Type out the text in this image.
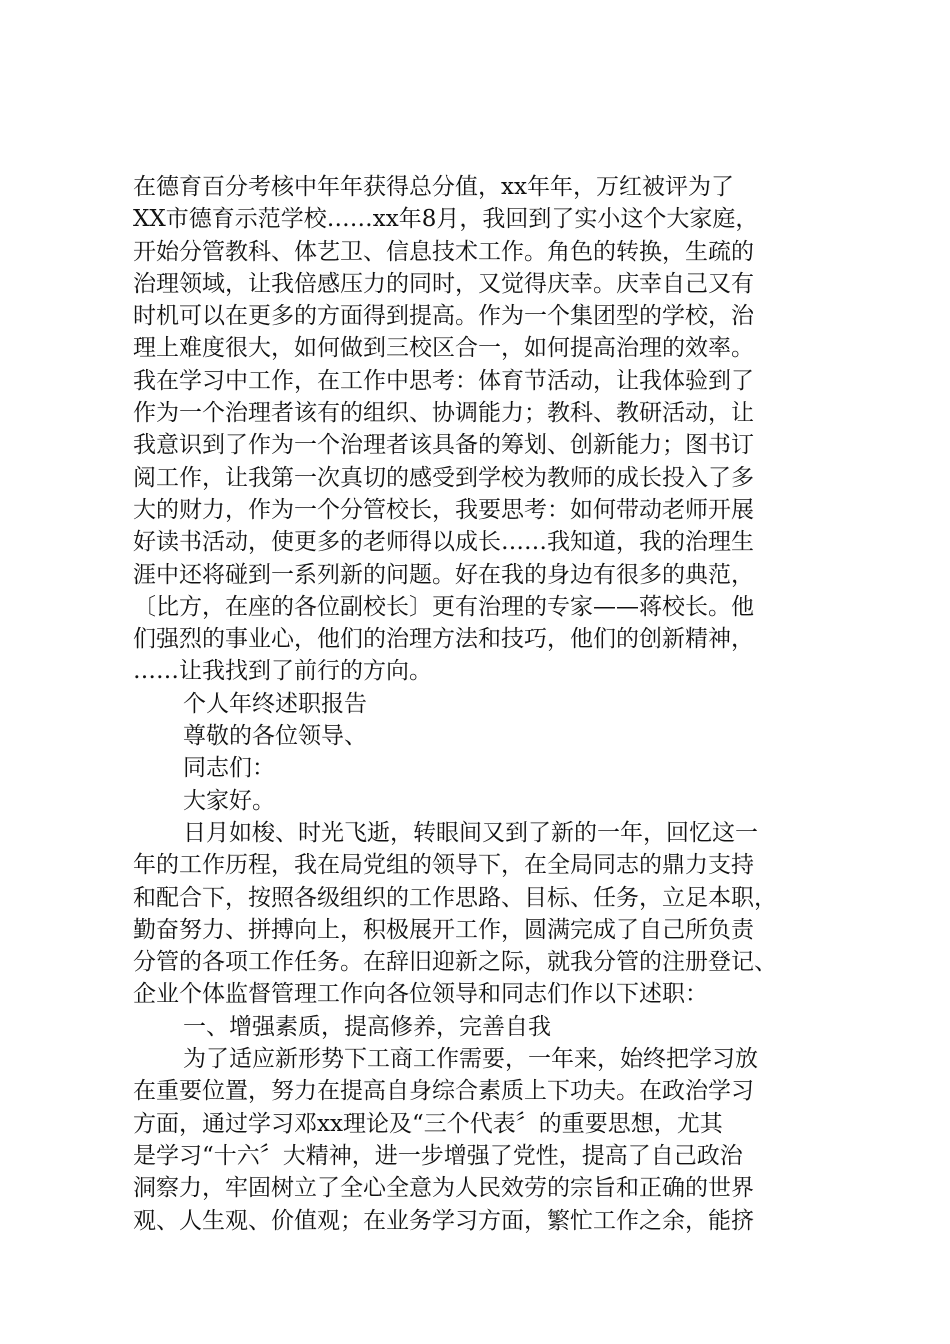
在德育百分考核中年年获得总分值，xx年年，万红被评为了
XX市德育示范学校……xx年8月，我回到了实小这个大家庭，
开始分管教科、体艺卫、信息技术工作。角色的转换，生疏的
治理领域，让我倍感压力的同时，又觉得庆幸。庆幸自己又有
时机可以在更多的方面得到提高。作为一个集团型的学校，治
理上难度很大，如何做到三校区合一，如何提高治理的效率。
我在学习中工作，在工作中思考：体育节活动，让我体验到了
作为一个治理者该有的组织、协调能力；教科、教研活动，让
我意识到了作为一个治理者该具备的筹划、创新能力；图书订
阅工作，让我第一次真切的感受到学校为教师的成长投入了多
大的财力，作为一个分管校长，我要思考：如何带动老师开展
好读书活动，使更多的老师得以成长……我知道，我的治理生
涯中还将碰到一系列新的问题。好在我的身边有很多的典范，
〔比方，在座的各位副校长〕更有治理的专家——蒋校长。他
们强烈的事业心，他们的治理方法和技巧，他们的创新精神，
……让我找到了前行的方向。
个人年终述职报告
尊敬的各位领导、
同志们：
大家好。
日月如梭、时光飞逝，转眼间又到了新的一年，回忆这一
年的工作历程，我在局党组的领导下，在全局同志的鼎力支持
和配合下，按照各级组织的工作思路、目标、任务，立足本职，
勤奋努力、拼搏向上，积极展开工作，圆满完成了自己所负责
分管的各项工作任务。在辞旧迎新之际，就我分管的注册登记、
企业个体监督管理工作向各位领导和同志们作以下述职：
一、增强素质，提高修养，完善自我
为了适应新形势下工商工作需要，一年来，始终把学习放
在重要位置，努力在提高自身综合素质上下功夫。在政治学习
方面，通过学习邓xx理论及“三个代表〞的重要思想，尤其
是学习“十六〞大精神，进一步增强了党性，提高了自己政治
洞察力，牢固树立了全心全意为人民效劳的宗旨和正确的世界
观、人生观、价值观；在业务学习方面，繁忙工作之余，能挤
